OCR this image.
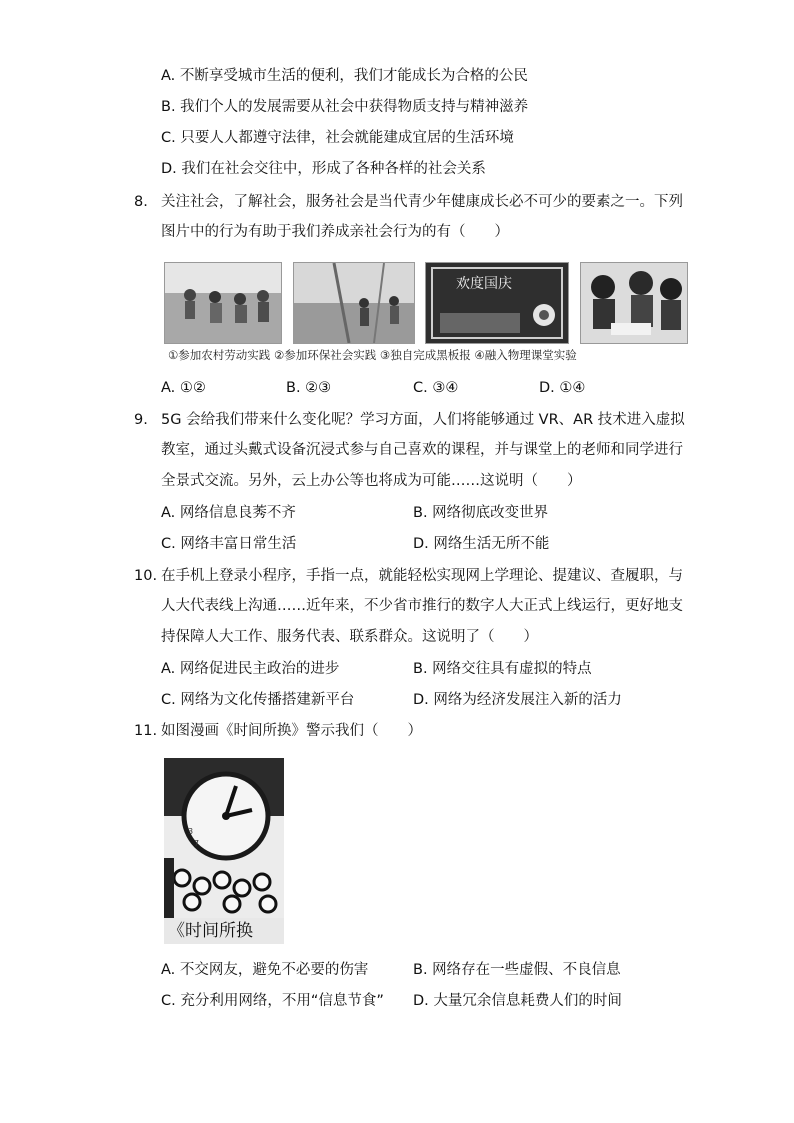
A. 不断享受城市生活的便利，我们才能成长为合格的公民
B. 我们个人的发展需要从社会中获得物质支持与精神滋养
C. 只要人人都遵守法律，社会就能建成宜居的生活环境
D. 我们在社会交往中，形成了各种各样的社会关系
8. 关注社会，了解社会，服务社会是当代青少年健康成长必不可少的要素之一。下列
图片中的行为有助于我们养成亲社会行为的有（　　）
欢度国庆
①参加农村劳动实践 ②参加环保社会实践 ③独自完成黑板报 ④融入物理课堂实验
A. ①②	B. ②③	C. ③④	D. ①④
9. 5G 会给我们带来什么变化呢？学习方面，人们将能够通过 VR、AR 技术进入虚拟
教室，通过头戴式设备沉浸式参与自己喜欢的课程，并与课堂上的老师和同学进行
全景式交流。另外，云上办公等也将成为可能……这说明（　　）
A. 网络信息良莠不齐	B. 网络彻底改变世界
C. 网络丰富日常生活	D. 网络生活无所不能
10. 在手机上登录小程序，手指一点，就能轻松实现网上学理论、提建议、查履职，与
人大代表线上沟通……近年来，不少省市推行的数字人大正式上线运行，更好地支
持保障人大工作、服务代表、联系群众。这说明了（　　）
A. 网络促进民主政治的进步	B. 网络交往具有虚拟的特点
C. 网络为文化传播搭建新平台	D. 网络为经济发展注入新的活力
11. 如图漫画《时间所换》警示我们（　　）
3
7
《时间所换
A. 不交网友，避免不必要的伤害	B. 网络存在一些虚假、不良信息
C. 充分利用网络，不用“信息节食” D. 大量冗余信息耗费人们的时间
